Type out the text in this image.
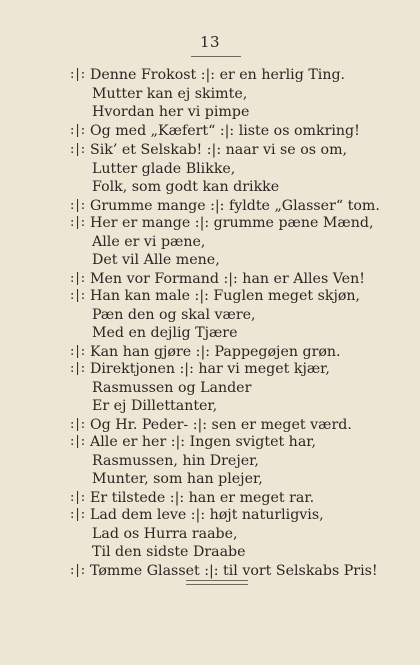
13
:|: Denne Frokost :|: er en herlig Ting.
Mutter kan ej skimte,
Hvordan her vi pimpe
:|: Og med „Kæfert“ :|: liste os omkring!
:|: Sik’ et Selskab! :|: naar vi se os om,
Lutter glade Blikke,
Folk, som godt kan drikke
:|: Grumme mange :|: fyldte „Glasser“ tom.
:|: Her er mange :|: grumme pæne Mænd,
Alle er vi pæne,
Det vil Alle mene,
:|: Men vor Formand :|: han er Alles Ven!
:|: Han kan male :|: Fuglen meget skjøn,
Pæn den og skal være,
Med en dejlig Tjære
:|: Kan han gjøre :|: Pappegøjen grøn.
:|: Direktjonen :|: har vi meget kjær,
Rasmussen og Lander
Er ej Dillettanter,
:|: Og Hr. Peder- :|: sen er meget værd.
:|: Alle er her :|: Ingen svigtet har,
Rasmussen, hin Drejer,
Munter, som han plejer,
:|: Er tilstede :|: han er meget rar.
:|: Lad dem leve :|: højt naturligvis,
Lad os Hurra raabe,
Til den sidste Draabe
:|: Tømme Glasset :|: til vort Selskabs Pris!
